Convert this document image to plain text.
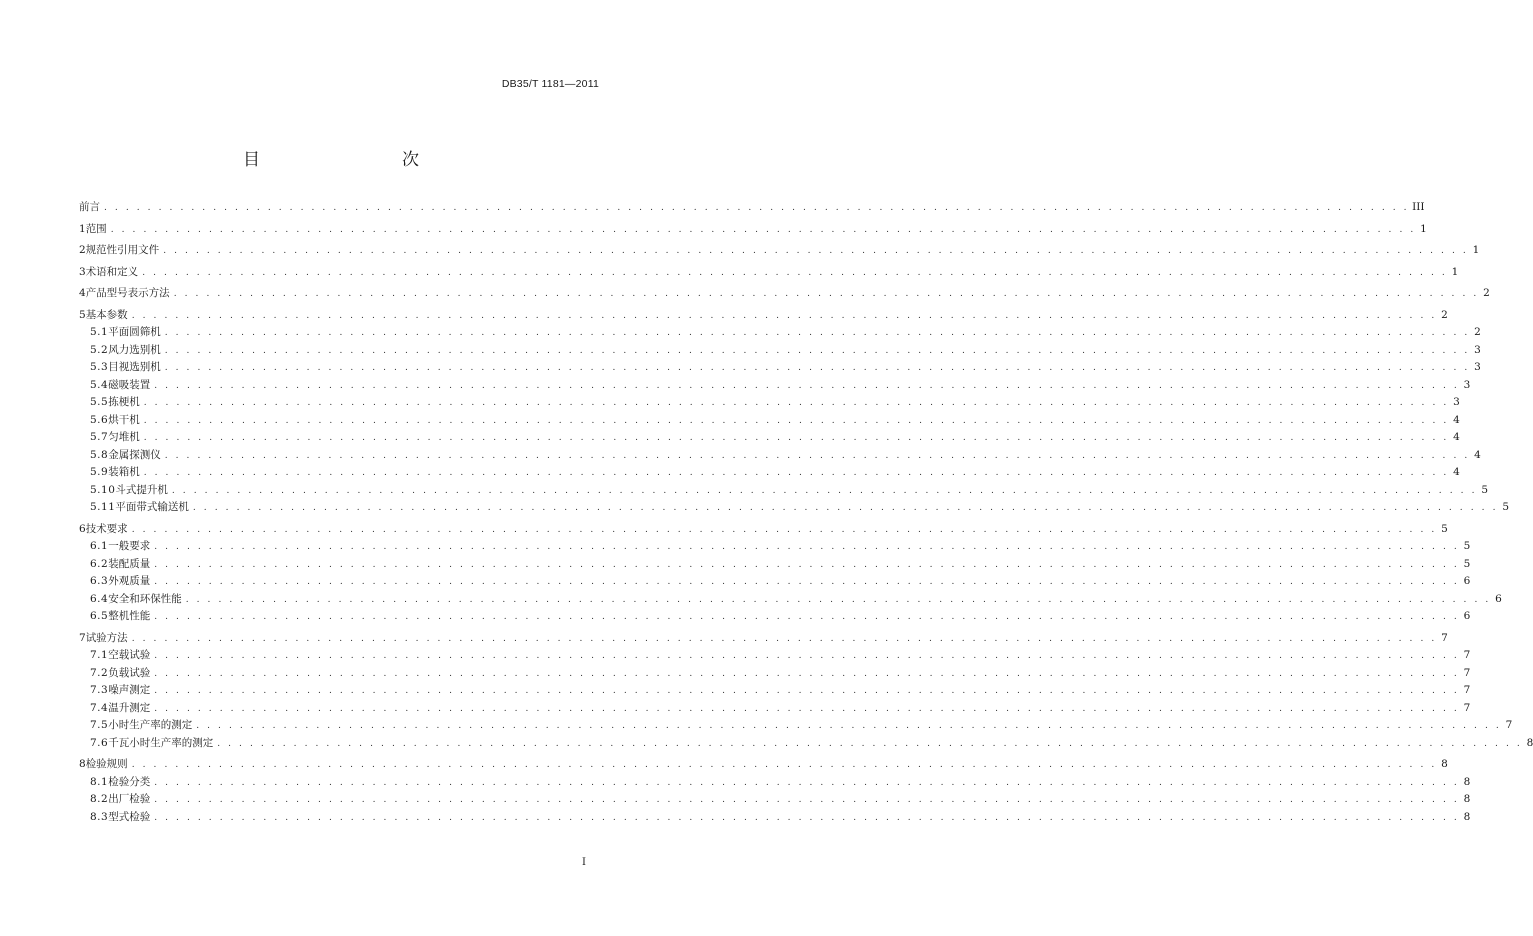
DB35/T 1181—2011
目　　次
前言 . . . . . . . . . . . . . . . . . . . . . . . . . . . . . . . . . . . . . . . . . . . . . . . . . . . . . . . . . . . . . . . . . . . . . . . . . . . . . . . . . . . . . . . . . . . . . . . . . . . . . . . . . . . . . . . . . . . . . . . . III
1 范围 . . . . . . . . . . . . . . . . . . . . . . . . . . . . . . . . . . . . . . . . . . . . . . . . . . . . . . . . . . . . . . . . . . . . . . . . . . . . . . . . . . . . . . . . . . . . . . . . . . . . . . . . . . . . . . . . . . . . . . . . 1
2 规范性引用文件 . . . . . . . . . . . . . . . . . . . . . . . . . . . . . . . . . . . . . . . . . . . . . . . . . . . . . . . . . . . . . . . . . . . . . . . . . . . . . . . . . . . . . . . . . . . . . . . . . . . . . . . . . . . . . . . . . . . . . . . . 1
3 术语和定义 . . . . . . . . . . . . . . . . . . . . . . . . . . . . . . . . . . . . . . . . . . . . . . . . . . . . . . . . . . . . . . . . . . . . . . . . . . . . . . . . . . . . . . . . . . . . . . . . . . . . . . . . . . . . . . . . . . . . . . . . 1
4 产品型号表示方法 . . . . . . . . . . . . . . . . . . . . . . . . . . . . . . . . . . . . . . . . . . . . . . . . . . . . . . . . . . . . . . . . . . . . . . . . . . . . . . . . . . . . . . . . . . . . . . . . . . . . . . . . . . . . . . . . . . . . . . . . 2
5 基本参数 . . . . . . . . . . . . . . . . . . . . . . . . . . . . . . . . . . . . . . . . . . . . . . . . . . . . . . . . . . . . . . . . . . . . . . . . . . . . . . . . . . . . . . . . . . . . . . . . . . . . . . . . . . . . . . . . . . . . . . . . 2
5.1 平面圆筛机 . . . . . . . . . . . . . . . . . . . . . . . . . . . . . . . . . . . . . . . . . . . . . . . . . . . . . . . . . . . . . . . . . . . . . . . . . . . . . . . . . . . . . . . . . . . . . . . . . . . . . . . . . . . . . . . . . . . . . . . . 2
5.2 风力选别机 . . . . . . . . . . . . . . . . . . . . . . . . . . . . . . . . . . . . . . . . . . . . . . . . . . . . . . . . . . . . . . . . . . . . . . . . . . . . . . . . . . . . . . . . . . . . . . . . . . . . . . . . . . . . . . . . . . . . . . . . 3
5.3 目视选别机 . . . . . . . . . . . . . . . . . . . . . . . . . . . . . . . . . . . . . . . . . . . . . . . . . . . . . . . . . . . . . . . . . . . . . . . . . . . . . . . . . . . . . . . . . . . . . . . . . . . . . . . . . . . . . . . . . . . . . . . . 3
5.4 磁吸装置 . . . . . . . . . . . . . . . . . . . . . . . . . . . . . . . . . . . . . . . . . . . . . . . . . . . . . . . . . . . . . . . . . . . . . . . . . . . . . . . . . . . . . . . . . . . . . . . . . . . . . . . . . . . . . . . . . . . . . . . . 3
5.5 拣梗机 . . . . . . . . . . . . . . . . . . . . . . . . . . . . . . . . . . . . . . . . . . . . . . . . . . . . . . . . . . . . . . . . . . . . . . . . . . . . . . . . . . . . . . . . . . . . . . . . . . . . . . . . . . . . . . . . . . . . . . . . 3
5.6 烘干机 . . . . . . . . . . . . . . . . . . . . . . . . . . . . . . . . . . . . . . . . . . . . . . . . . . . . . . . . . . . . . . . . . . . . . . . . . . . . . . . . . . . . . . . . . . . . . . . . . . . . . . . . . . . . . . . . . . . . . . . . 4
5.7 匀堆机 . . . . . . . . . . . . . . . . . . . . . . . . . . . . . . . . . . . . . . . . . . . . . . . . . . . . . . . . . . . . . . . . . . . . . . . . . . . . . . . . . . . . . . . . . . . . . . . . . . . . . . . . . . . . . . . . . . . . . . . . 4
5.8 金属探测仪 . . . . . . . . . . . . . . . . . . . . . . . . . . . . . . . . . . . . . . . . . . . . . . . . . . . . . . . . . . . . . . . . . . . . . . . . . . . . . . . . . . . . . . . . . . . . . . . . . . . . . . . . . . . . . . . . . . . . . . . . 4
5.9 装箱机 . . . . . . . . . . . . . . . . . . . . . . . . . . . . . . . . . . . . . . . . . . . . . . . . . . . . . . . . . . . . . . . . . . . . . . . . . . . . . . . . . . . . . . . . . . . . . . . . . . . . . . . . . . . . . . . . . . . . . . . . 4
5.10 斗式提升机 . . . . . . . . . . . . . . . . . . . . . . . . . . . . . . . . . . . . . . . . . . . . . . . . . . . . . . . . . . . . . . . . . . . . . . . . . . . . . . . . . . . . . . . . . . . . . . . . . . . . . . . . . . . . . . . . . . . . . . . . 5
5.11 平面带式输送机 . . . . . . . . . . . . . . . . . . . . . . . . . . . . . . . . . . . . . . . . . . . . . . . . . . . . . . . . . . . . . . . . . . . . . . . . . . . . . . . . . . . . . . . . . . . . . . . . . . . . . . . . . . . . . . . . . . . . . . . . 5
6 技术要求 . . . . . . . . . . . . . . . . . . . . . . . . . . . . . . . . . . . . . . . . . . . . . . . . . . . . . . . . . . . . . . . . . . . . . . . . . . . . . . . . . . . . . . . . . . . . . . . . . . . . . . . . . . . . . . . . . . . . . . . . 5
6.1 一般要求 . . . . . . . . . . . . . . . . . . . . . . . . . . . . . . . . . . . . . . . . . . . . . . . . . . . . . . . . . . . . . . . . . . . . . . . . . . . . . . . . . . . . . . . . . . . . . . . . . . . . . . . . . . . . . . . . . . . . . . . . 5
6.2 装配质量 . . . . . . . . . . . . . . . . . . . . . . . . . . . . . . . . . . . . . . . . . . . . . . . . . . . . . . . . . . . . . . . . . . . . . . . . . . . . . . . . . . . . . . . . . . . . . . . . . . . . . . . . . . . . . . . . . . . . . . . . 5
6.3 外观质量 . . . . . . . . . . . . . . . . . . . . . . . . . . . . . . . . . . . . . . . . . . . . . . . . . . . . . . . . . . . . . . . . . . . . . . . . . . . . . . . . . . . . . . . . . . . . . . . . . . . . . . . . . . . . . . . . . . . . . . . . 6
6.4 安全和环保性能 . . . . . . . . . . . . . . . . . . . . . . . . . . . . . . . . . . . . . . . . . . . . . . . . . . . . . . . . . . . . . . . . . . . . . . . . . . . . . . . . . . . . . . . . . . . . . . . . . . . . . . . . . . . . . . . . . . . . . . . . 6
6.5 整机性能 . . . . . . . . . . . . . . . . . . . . . . . . . . . . . . . . . . . . . . . . . . . . . . . . . . . . . . . . . . . . . . . . . . . . . . . . . . . . . . . . . . . . . . . . . . . . . . . . . . . . . . . . . . . . . . . . . . . . . . . . 6
7 试验方法 . . . . . . . . . . . . . . . . . . . . . . . . . . . . . . . . . . . . . . . . . . . . . . . . . . . . . . . . . . . . . . . . . . . . . . . . . . . . . . . . . . . . . . . . . . . . . . . . . . . . . . . . . . . . . . . . . . . . . . . . 7
7.1 空载试验 . . . . . . . . . . . . . . . . . . . . . . . . . . . . . . . . . . . . . . . . . . . . . . . . . . . . . . . . . . . . . . . . . . . . . . . . . . . . . . . . . . . . . . . . . . . . . . . . . . . . . . . . . . . . . . . . . . . . . . . . 7
7.2 负载试验 . . . . . . . . . . . . . . . . . . . . . . . . . . . . . . . . . . . . . . . . . . . . . . . . . . . . . . . . . . . . . . . . . . . . . . . . . . . . . . . . . . . . . . . . . . . . . . . . . . . . . . . . . . . . . . . . . . . . . . . . 7
7.3 噪声测定 . . . . . . . . . . . . . . . . . . . . . . . . . . . . . . . . . . . . . . . . . . . . . . . . . . . . . . . . . . . . . . . . . . . . . . . . . . . . . . . . . . . . . . . . . . . . . . . . . . . . . . . . . . . . . . . . . . . . . . . . 7
7.4 温升测定 . . . . . . . . . . . . . . . . . . . . . . . . . . . . . . . . . . . . . . . . . . . . . . . . . . . . . . . . . . . . . . . . . . . . . . . . . . . . . . . . . . . . . . . . . . . . . . . . . . . . . . . . . . . . . . . . . . . . . . . . 7
7.5 小时生产率的测定 . . . . . . . . . . . . . . . . . . . . . . . . . . . . . . . . . . . . . . . . . . . . . . . . . . . . . . . . . . . . . . . . . . . . . . . . . . . . . . . . . . . . . . . . . . . . . . . . . . . . . . . . . . . . . . . . . . . . . . . . 7
7.6 千瓦小时生产率的测定 . . . . . . . . . . . . . . . . . . . . . . . . . . . . . . . . . . . . . . . . . . . . . . . . . . . . . . . . . . . . . . . . . . . . . . . . . . . . . . . . . . . . . . . . . . . . . . . . . . . . . . . . . . . . . . . . . . . . . . . . 8
8 检验规则 . . . . . . . . . . . . . . . . . . . . . . . . . . . . . . . . . . . . . . . . . . . . . . . . . . . . . . . . . . . . . . . . . . . . . . . . . . . . . . . . . . . . . . . . . . . . . . . . . . . . . . . . . . . . . . . . . . . . . . . . 8
8.1 检验分类 . . . . . . . . . . . . . . . . . . . . . . . . . . . . . . . . . . . . . . . . . . . . . . . . . . . . . . . . . . . . . . . . . . . . . . . . . . . . . . . . . . . . . . . . . . . . . . . . . . . . . . . . . . . . . . . . . . . . . . . . 8
8.2 出厂检验 . . . . . . . . . . . . . . . . . . . . . . . . . . . . . . . . . . . . . . . . . . . . . . . . . . . . . . . . . . . . . . . . . . . . . . . . . . . . . . . . . . . . . . . . . . . . . . . . . . . . . . . . . . . . . . . . . . . . . . . . 8
8.3 型式检验 . . . . . . . . . . . . . . . . . . . . . . . . . . . . . . . . . . . . . . . . . . . . . . . . . . . . . . . . . . . . . . . . . . . . . . . . . . . . . . . . . . . . . . . . . . . . . . . . . . . . . . . . . . . . . . . . . . . . . . . . 8
I
